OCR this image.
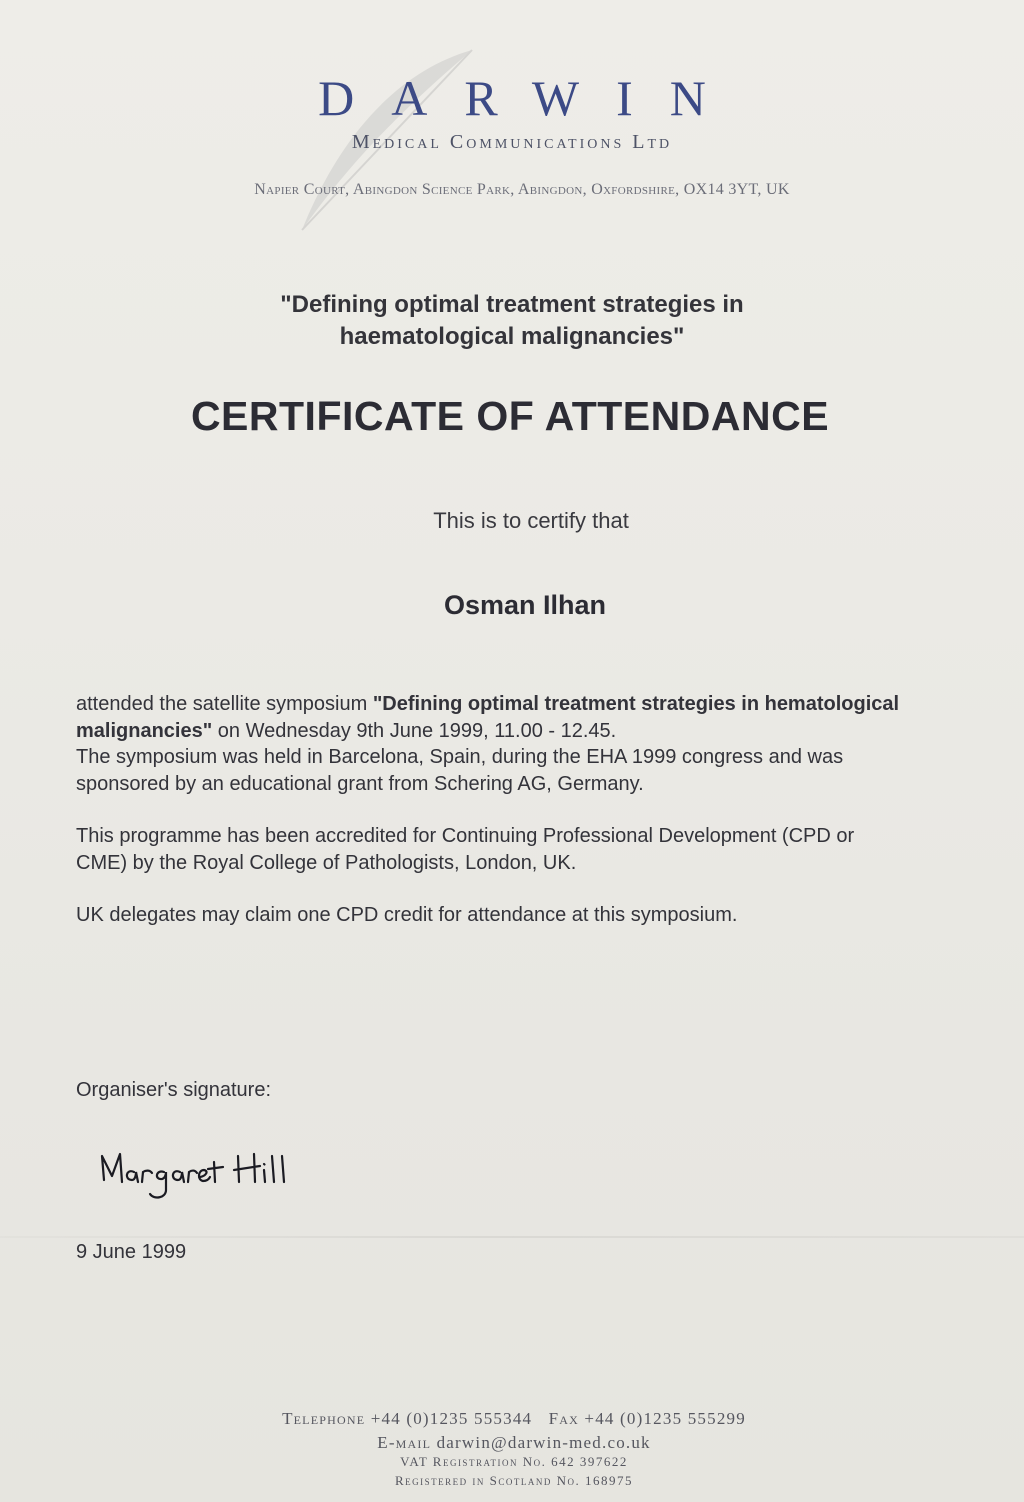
DARWIN
Medical Communications Ltd
Napier Court, Abingdon Science Park, Abingdon, Oxfordshire, OX14 3YT, UK
"Defining optimal treatment strategies in
haematological malignancies"
CERTIFICATE OF ATTENDANCE
This is to certify that
Osman Ilhan
attended the satellite symposium "Defining optimal treatment strategies in hematological malignancies" on Wednesday 9th June 1999, 11.00 - 12.45.
The symposium was held in Barcelona, Spain, during the EHA 1999 congress and was sponsored by an educational grant from Schering AG, Germany.
This programme has been accredited for Continuing Professional Development (CPD or CME) by the Royal College of Pathologists, London, UK.
UK delegates may claim one CPD credit for attendance at this symposium.
Organiser's signature:
9 June 1999
Telephone +44 (0)1235 555344 Fax +44 (0)1235 555299
E-mail darwin@darwin-med.co.uk
VAT Registration No. 642 397622
Registered in Scotland No. 168975
